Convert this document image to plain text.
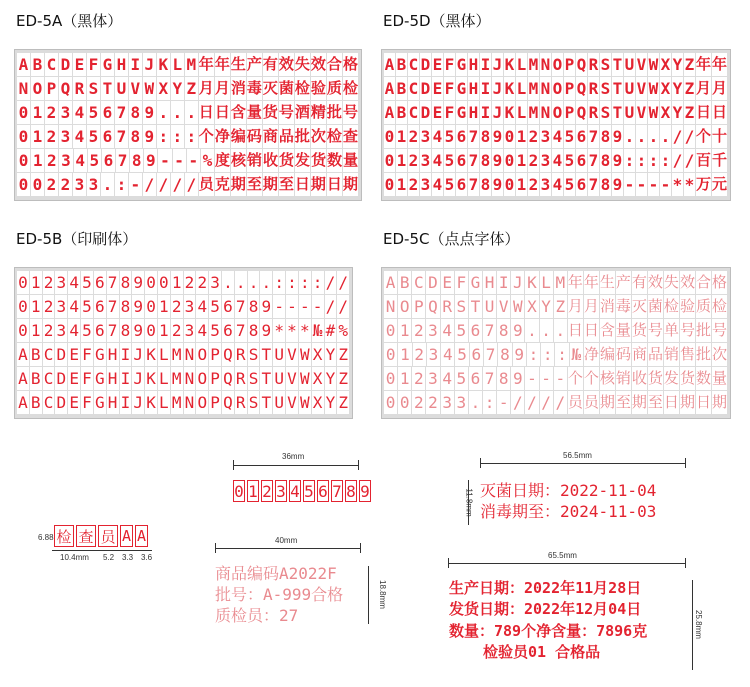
ED-5A（黑体）	ED-5D（黑体）
ED-5B（印刷体）	ED-5C（点点字体）
A B C D E F G H I J K L M 年 年 生 产 有 效 失 效 合 格
N O P Q R S T U V W X Y Z 月 月 消 毒 灭 菌 检 验 质 检
0 1 2 3 4 5 6 7 8 9 . . . 日 日 含 量 货 号 酒 精 批 号
0 1 2 3 4 5 6 7 8 9 : : : 个 净 编 码 商 品 批 次 检 查
0 1 2 3 4 5 6 7 8 9 - - - % 度 核 销 收 货 发 货 数 量
0 0 2 2 3 3 . : - / / / / 员 克 期 至 期 至 日 期 日 期
A B C D E F G H I J K L M N O P Q R S T U V W X Y Z 年 年
A B C D E F G H I J K L M N O P Q R S T U V W X Y Z 月 月
A B C D E F G H I J K L M N O P Q R S T U V W X Y Z 日 日
0 1 2 3 4 5 6 7 8 9 0 1 2 3 4 5 6 7 8 9 . . . . / / 个 十
0 1 2 3 4 5 6 7 8 9 0 1 2 3 4 5 6 7 8 9 : : : : / / 百 千
0 1 2 3 4 5 6 7 8 9 0 1 2 3 4 5 6 7 8 9 - - - - * * 万 元
0 1 2 3 4 5 6 7 8 9 0 0 1 2 2 3 . . . . : : : : / /
0 1 2 3 4 5 6 7 8 9 0 1 2 3 4 5 6 7 8 9 - - - - / /
0 1 2 3 4 5 6 7 8 9 0 1 2 3 4 5 6 7 8 9 * * * № # %
A B C D E F G H I J K L M N O P Q R S T U V W X Y Z
A B C D E F G H I J K L M N O P Q R S T U V W X Y Z
A B C D E F G H I J K L M N O P Q R S T U V W X Y Z
A B C D E F G H I J K L M 年 年 生 产 有 效 失 效 合 格
N O P Q R S T U V W X Y Z 月 月 消 毒 灭 菌 检 验 质 检
0 1 2 3 4 5 6 7 8 9 . . . 日 日 含 量 货 号 单 号 批 号
0 1 2 3 4 5 6 7 8 9 : : : № 净 编 码 商 品 销 售 批 次
0 1 2 3 4 5 6 7 8 9 - - - 个 个 核 销 收 货 发 货 数 量
0 0 2 2 3 3 . : - / / / / 员 员 期 至 期 至 日 期 日 期
36mm
0 1 2 3 4 5 6 7 8 9
6.88 检 查 员 A A
10.4mm 5.2 3.3 3.6
40mm
商品编码A2022F
批号：A-999合格
质检员：27
18.8mm
56.5mm
11.8mm 灭菌日期：2022-11-04
消毒期至：2024-11-03
65.5mm
生产日期：2022年11月28日
发货日期：2022年12月04日
数量：789个净含量：7896克
检验员01 合格品
25.8mm
